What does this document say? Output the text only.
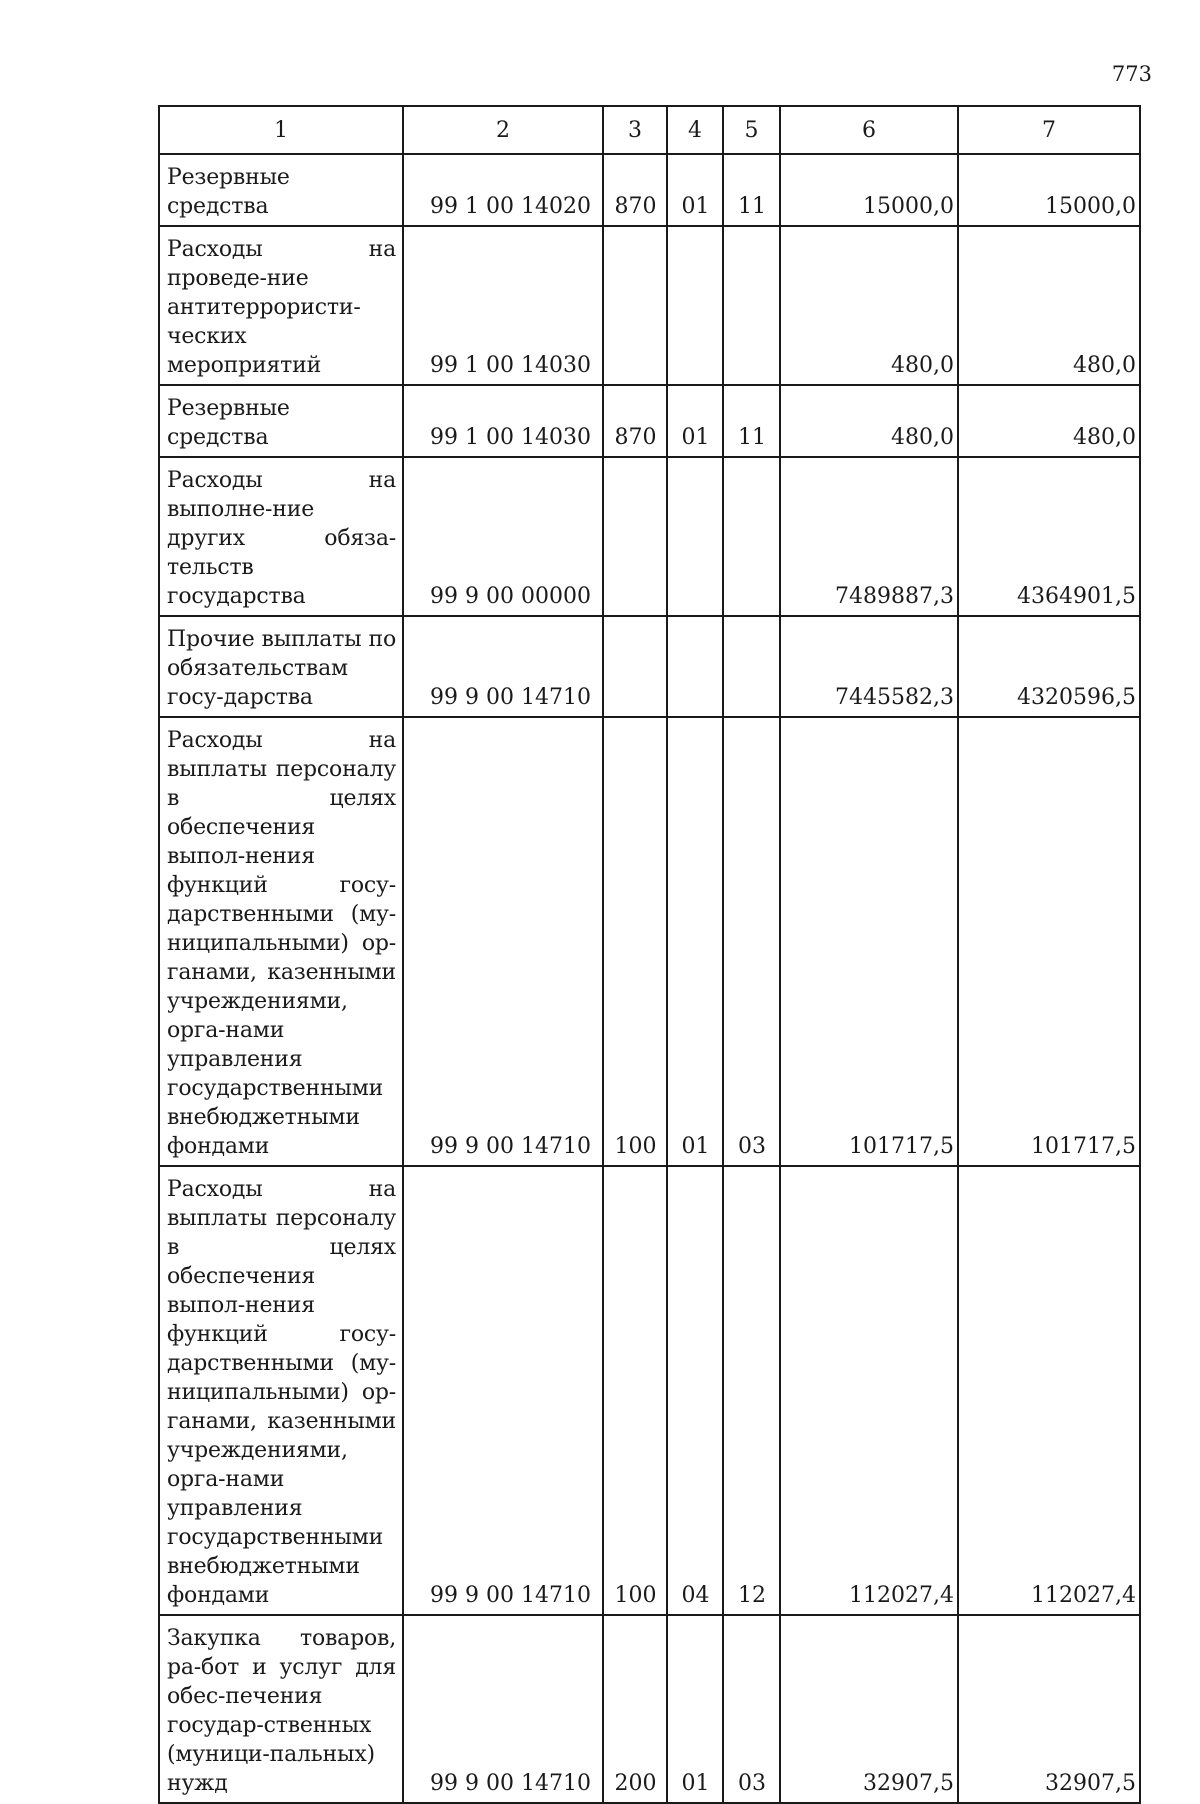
773
1	2	3	4	5	6	7
Резервные средства	99 1 00 14020	870	01	11	15000,0	15000,0
Расходы на проведе-ние антитеррористи-ческих мероприятий	99 1 00 14030				480,0	480,0
Резервные средства	99 1 00 14030	870	01	11	480,0	480,0
Расходы на выполне-ние других обяза-тельств государства	99 9 00 00000				7489887,3	4364901,5
Прочие выплаты по обязательствам госу-дарства	99 9 00 14710				7445582,3	4320596,5
Расходы на выплаты персоналу в целях обеспечения выпол-нения функций госу-дарственными (му-ниципальными) ор-ганами, казенными учреждениями, орга-нами управления государственными внебюджетными фондами	99 9 00 14710	100	01	03	101717,5	101717,5
Расходы на выплаты персоналу в целях обеспечения выпол-нения функций госу-дарственными (му-ниципальными) ор-ганами, казенными учреждениями, орга-нами управления государственными внебюджетными фондами	99 9 00 14710	100	04	12	112027,4	112027,4
Закупка товаров, ра-бот и услуг для обес-печения государ-ственных (муници-пальных) нужд	99 9 00 14710	200	01	03	32907,5	32907,5
